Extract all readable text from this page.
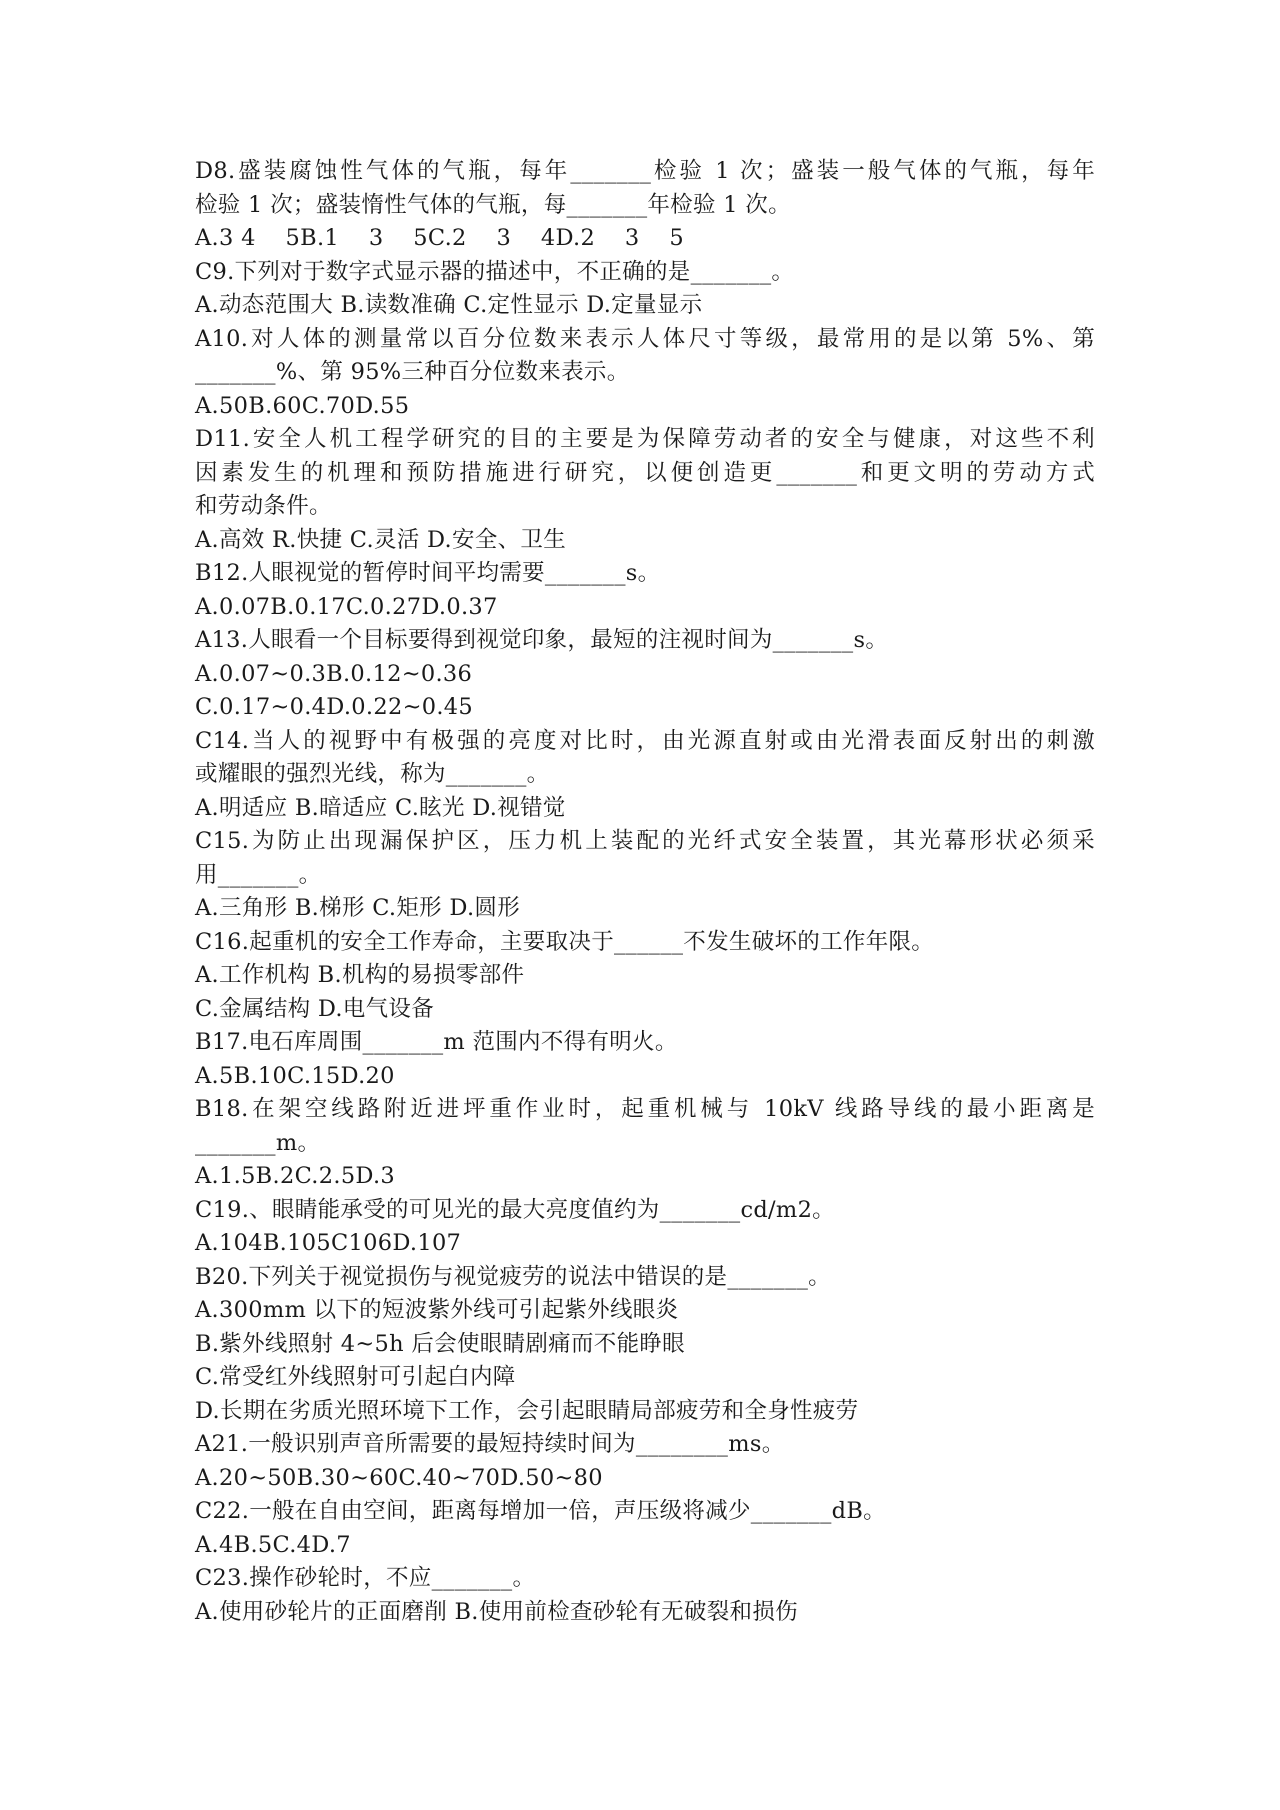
D8.盛装腐蚀性气体的气瓶，每年_______检验 1 次；盛装一般气体的气瓶，每年
检验 1 次；盛装惰性气体的气瓶，每_______年检验 1 次。
A.3 4    5B.1    3    5C.2    3    4D.2    3    5
C9.下列对于数字式显示器的描述中，不正确的是_______。
A.动态范围大 B.读数准确 C.定性显示 D.定量显示
A10.对人体的测量常以百分位数来表示人体尺寸等级，最常用的是以第 5%、第
_______%、第 95%三种百分位数来表示。
A.50B.60C.70D.55
D11.安全人机工程学研究的目的主要是为保障劳动者的安全与健康，对这些不利
因素发生的机理和预防措施进行研究，以便创造更_______和更文明的劳动方式
和劳动条件。
A.高效 R.快捷 C.灵活 D.安全、卫生
B12.人眼视觉的暂停时间平均需要_______s。
A.0.07B.0.17C.0.27D.0.37
A13.人眼看一个目标要得到视觉印象，最短的注视时间为_______s。
A.0.07~0.3B.0.12~0.36
C.0.17~0.4D.0.22~0.45
C14.当人的视野中有极强的亮度对比时，由光源直射或由光滑表面反射出的刺激
或耀眼的强烈光线，称为_______。
A.明适应 B.暗适应 C.眩光 D.视错觉
C15.为防止出现漏保护区，压力机上装配的光纤式安全装置，其光幕形状必须采
用_______。
A.三角形 B.梯形 C.矩形 D.圆形
C16.起重机的安全工作寿命，主要取决于______不发生破坏的工作年限。
A.工作机构 B.机构的易损零部件
C.金属结构 D.电气设备
B17.电石库周围_______m 范围内不得有明火。
A.5B.10C.15D.20
B18.在架空线路附近进坪重作业时，起重机械与 10kV 线路导线的最小距离是
_______m。
A.1.5B.2C.2.5D.3
C19.、眼睛能承受的可见光的最大亮度值约为_______cd/m2。
A.104B.105C106D.107
B20.下列关于视觉损伤与视觉疲劳的说法中错误的是_______。
A.300mm 以下的短波紫外线可引起紫外线眼炎
B.紫外线照射 4~5h 后会使眼睛剧痛而不能睁眼
C.常受红外线照射可引起白内障
D.长期在劣质光照环境下工作，会引起眼睛局部疲劳和全身性疲劳
A21.一般识别声音所需要的最短持续时间为________ms。
A.20~50B.30~60C.40~70D.50~80
C22.一般在自由空间，距离每增加一倍，声压级将减少_______dB。
A.4B.5C.4D.7
C23.操作砂轮时，不应_______。
A.使用砂轮片的正面磨削 B.使用前检查砂轮有无破裂和损伤
